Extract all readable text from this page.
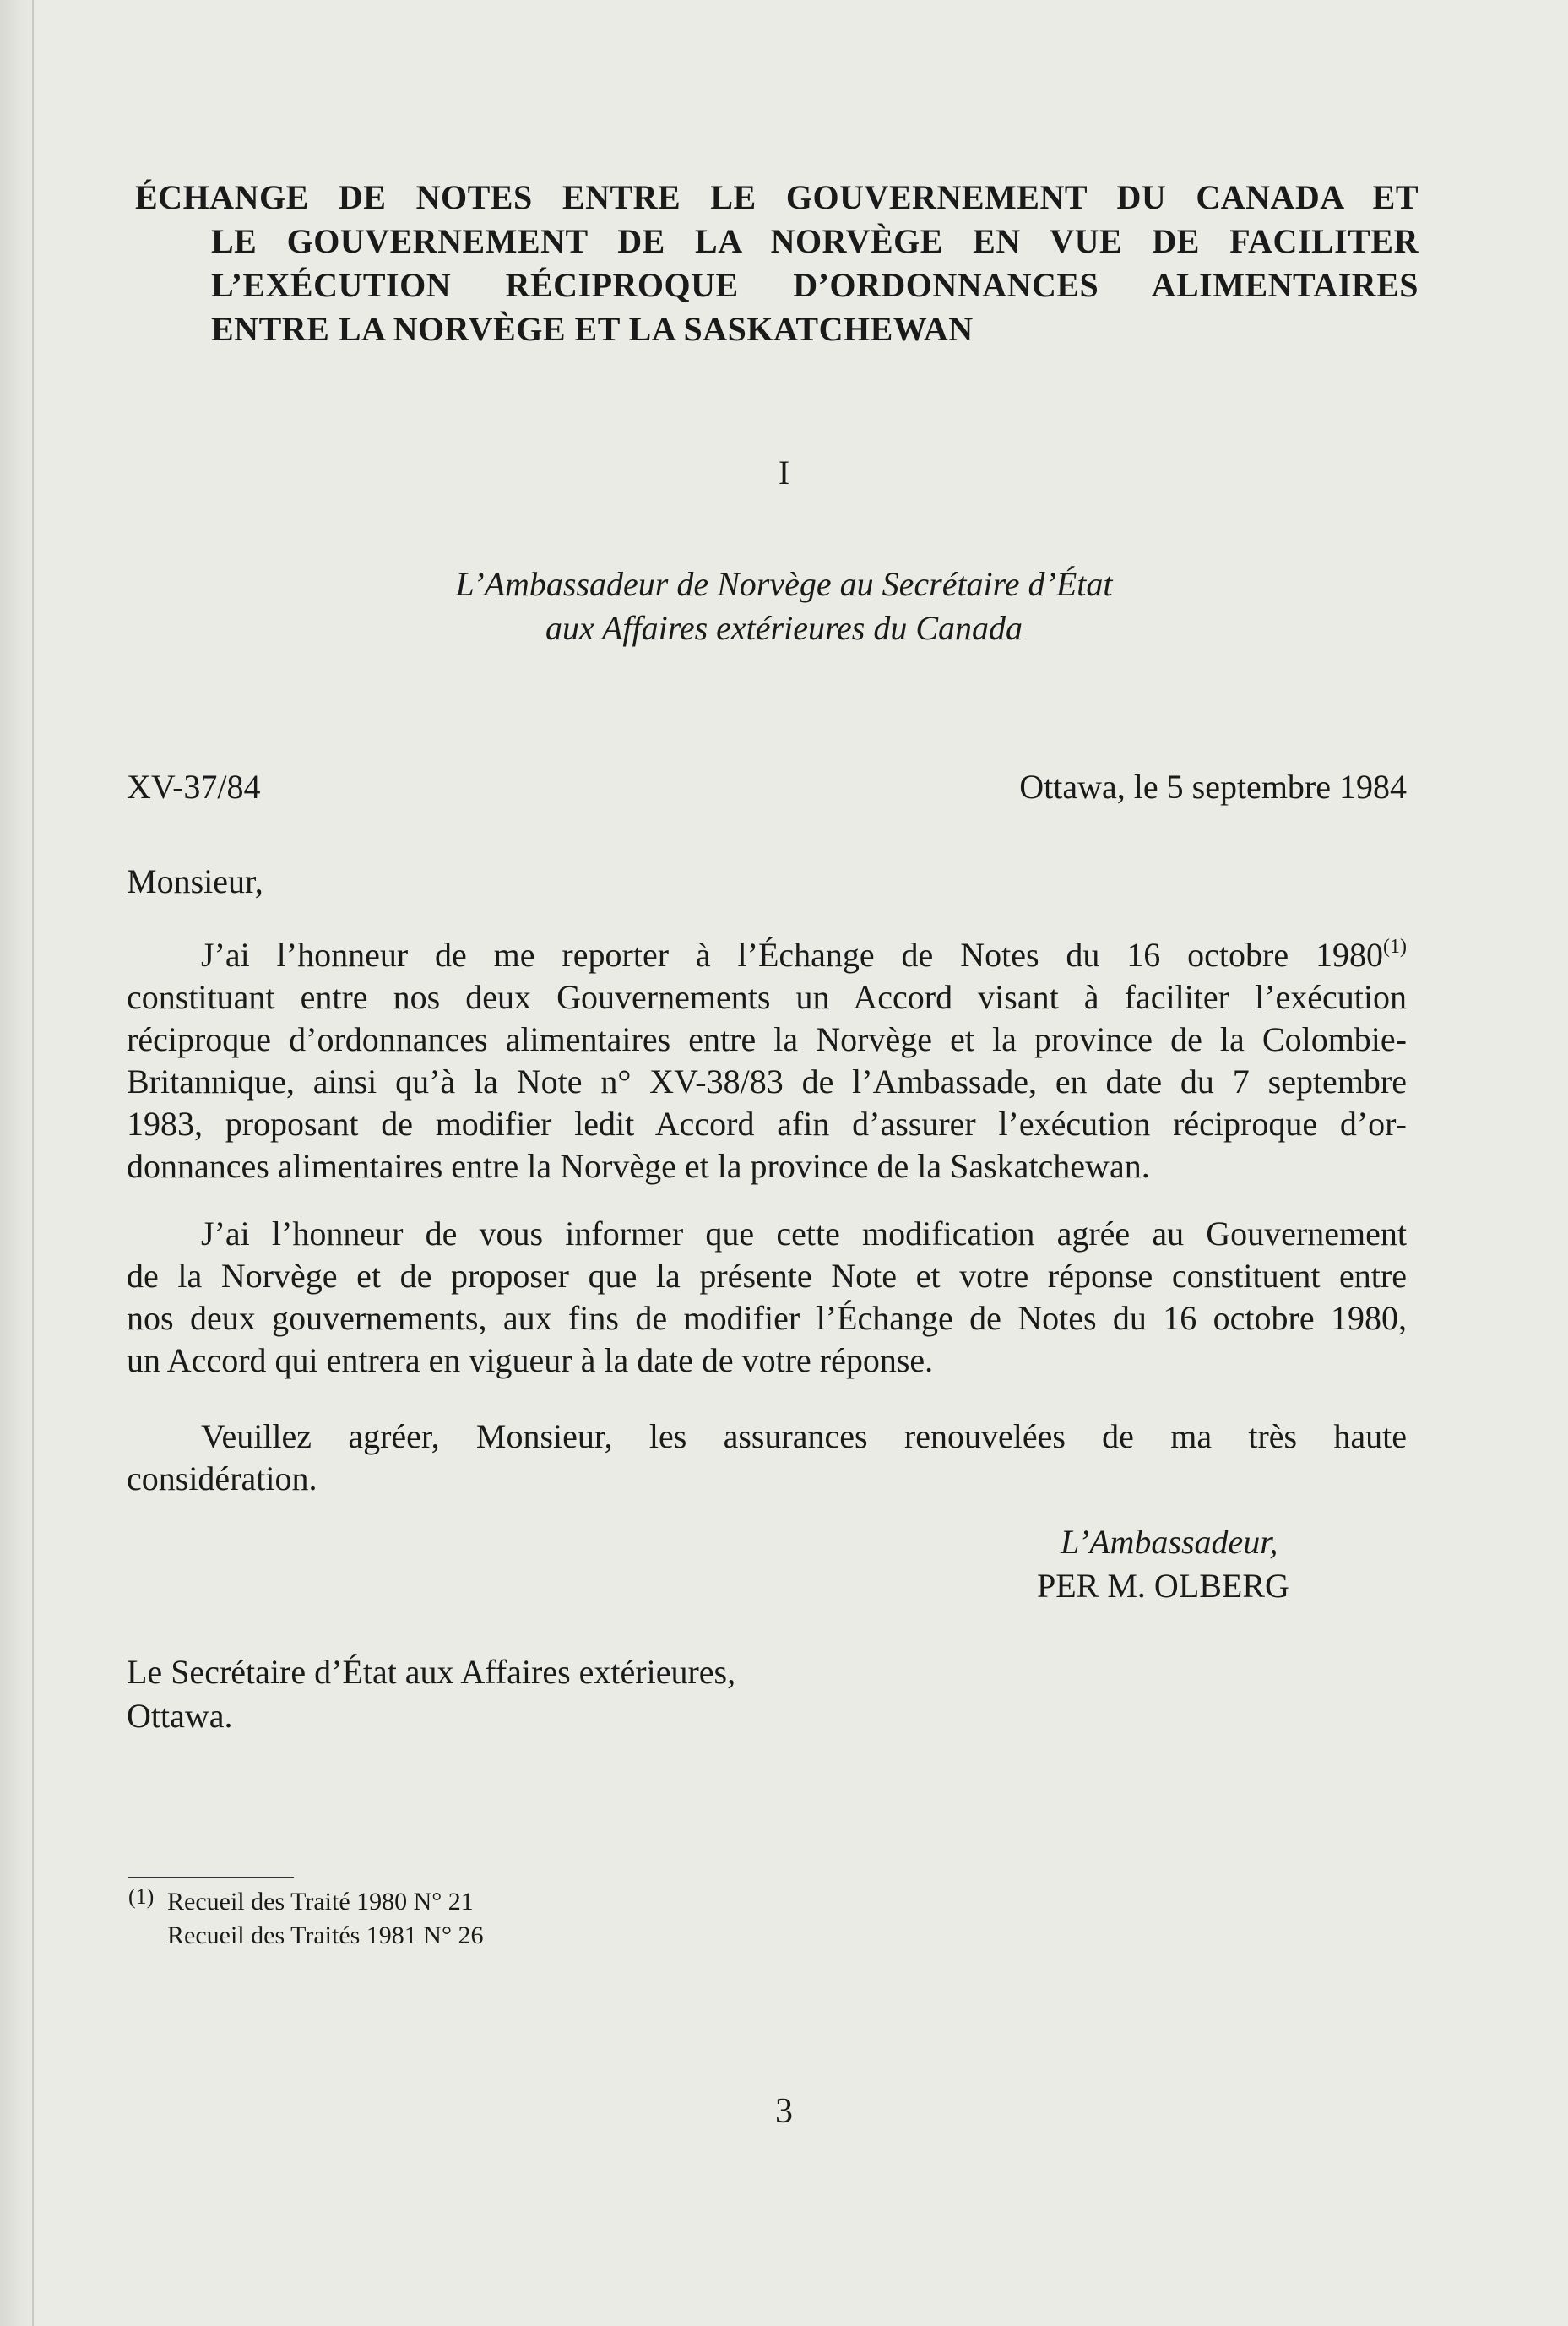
ÉCHANGE DE NOTES ENTRE LE GOUVERNEMENT DU CANADA ET
LE GOUVERNEMENT DE LA NORVÈGE EN VUE DE FACILITER
L’EXÉCUTION RÉCIPROQUE D’ORDONNANCES ALIMENTAIRES
ENTRE LA NORVÈGE ET LA SASKATCHEWAN
I
L’Ambassadeur de Norvège au Secrétaire d’État
aux Affaires extérieures du Canada
XV-37/84	Ottawa, le 5 septembre 1984
Monsieur,
J’ai l’honneur de me reporter à l’Échange de Notes du 16 octobre 1980$^{(1)}$
constituant entre nos deux Gouvernements un Accord visant à faciliter l’exécution
réciproque d’ordonnances alimentaires entre la Norvège et la province de la Colombie-
Britannique, ainsi qu’à la Note n° XV-38/83 de l’Ambassade, en date du 7 septembre
1983, proposant de modifier ledit Accord afin d’assurer l’exécution réciproque d’or-
donnances alimentaires entre la Norvège et la province de la Saskatchewan.
J’ai l’honneur de vous informer que cette modification agrée au Gouvernement
de la Norvège et de proposer que la présente Note et votre réponse constituent entre
nos deux gouvernements, aux fins de modifier l’Échange de Notes du 16 octobre 1980,
un Accord qui entrera en vigueur à la date de votre réponse.
Veuillez agréer, Monsieur, les assurances renouvelées de ma très haute
considération.
L’Ambassadeur,
PER M. OLBERG
Le Secrétaire d’État aux Affaires extérieures,
Ottawa.
(1) Recueil des Traité 1980 N° 21
Recueil des Traités 1981 N° 26
3
